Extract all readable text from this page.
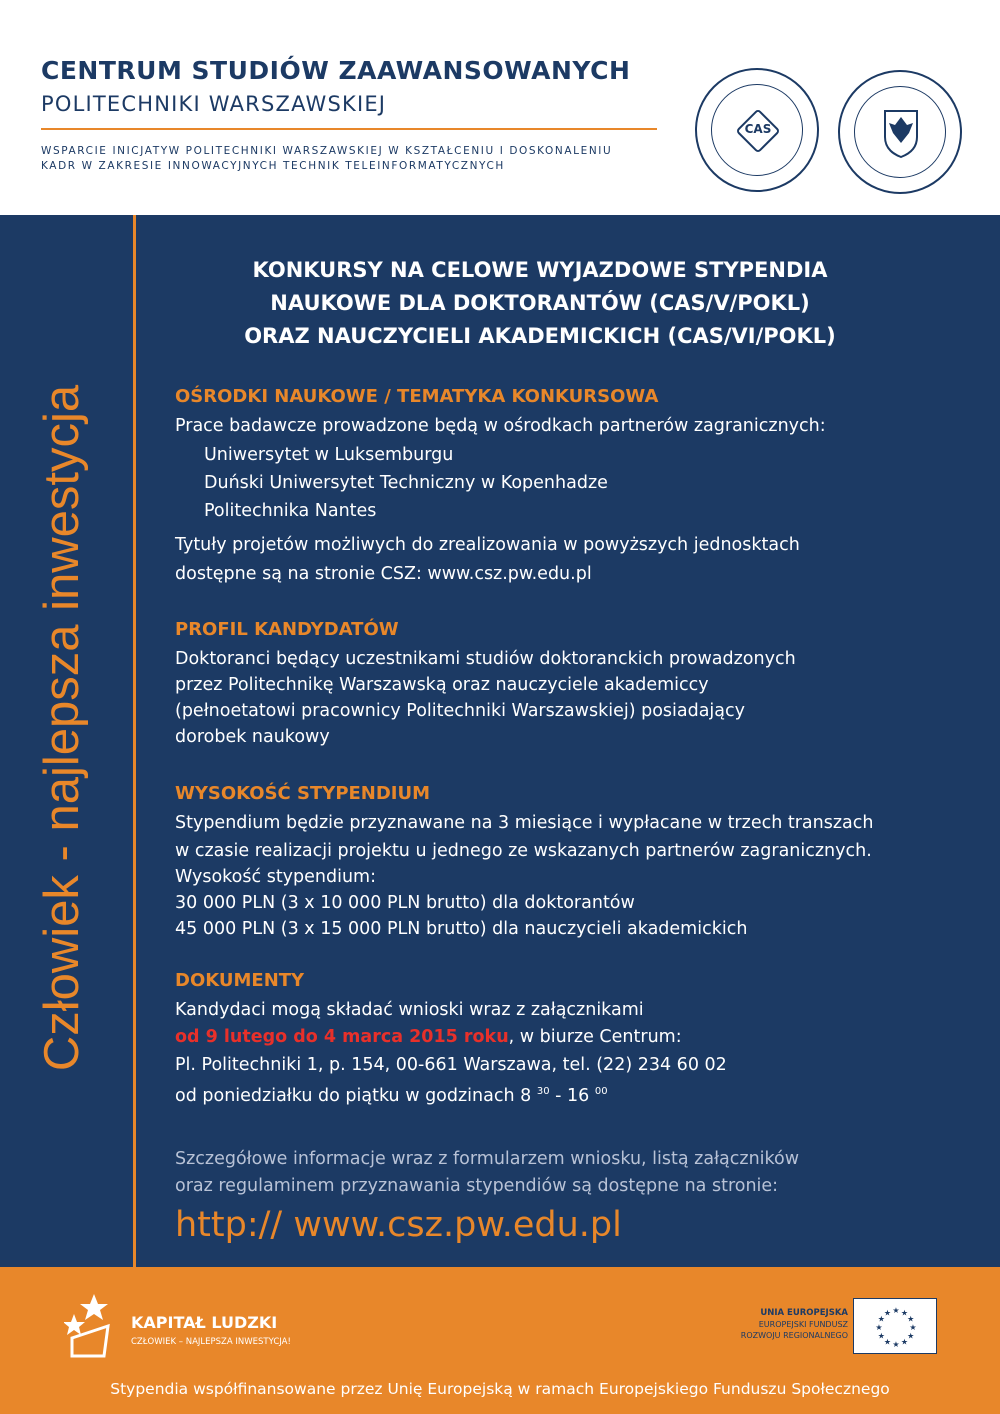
CENTRUM STUDIÓW ZAAWANSOWANYCH
POLITECHNIKI WARSZAWSKIEJ
WSPARCIE INICJATYW POLITECHNIKI WARSZAWSKIEJ W KSZTAŁCENIU I DOSKONALENIU
KADR W ZAKRESIE INNOWACYJNYCH TECHNIK TELEINFORMATYCZNYCH
CAS
Człowiek - najlepsza inwestycja
KONKURSY NA CELOWE WYJAZDOWE STYPENDIA
NAUKOWE DLA DOKTORANTÓW (CAS/V/POKL)
ORAZ NAUCZYCIELI AKADEMICKICH (CAS/VI/POKL)
OŚRODKI NAUKOWE / TEMATYKA KONKURSOWA
Prace badawcze prowadzone będą w ośrodkach partnerów zagranicznych:
Uniwersytet w Luksemburgu
Duński Uniwersytet Techniczny w Kopenhadze
Politechnika Nantes
Tytuły projetów możliwych do zrealizowania w powyższych jednosktach
dostępne są na stronie CSZ: www.csz.pw.edu.pl
PROFIL KANDYDATÓW
Doktoranci będący uczestnikami studiów doktoranckich prowadzonych
przez Politechnikę Warszawską oraz nauczyciele akademiccy
(pełnoetatowi pracownicy Politechniki Warszawskiej) posiadający
dorobek naukowy
WYSOKOŚĆ STYPENDIUM
Stypendium będzie przyznawane na 3 miesiące i wypłacane w trzech transzach
w czasie realizacji projektu u jednego ze wskazanych partnerów zagranicznych.
Wysokość stypendium:
30 000 PLN (3 x 10 000 PLN brutto) dla doktorantów
45 000 PLN (3 x 15 000 PLN brutto) dla nauczycieli akademickich
DOKUMENTY
Kandydaci mogą składać wnioski wraz z załącznikami
od 9 lutego do 4 marca 2015 roku, w biurze Centrum:
Pl. Politechniki 1, p. 154, 00-661 Warszawa, tel. (22) 234 60 02
od poniedziałku do piątku w godzinach 8 $^{30}$ - 16 $^{00}$
Szczegółowe informacje wraz z formularzem wniosku, listą załączników
oraz regulaminem przyznawania stypendiów są dostępne na stronie:
http:// www.csz.pw.edu.pl
KAPITAŁ LUDZKI
CZŁOWIEK – NAJLEPSZA INWESTYCJA!
UNIA EUROPEJSKA
EUROPEJSKI FUNDUSZ
ROZWOJU REGIONALNEGO
★ ★
★
★
★
★
★
★
★
★
★
★
Stypendia współfinansowane przez Unię Europejską w ramach Europejskiego Funduszu Społecznego
